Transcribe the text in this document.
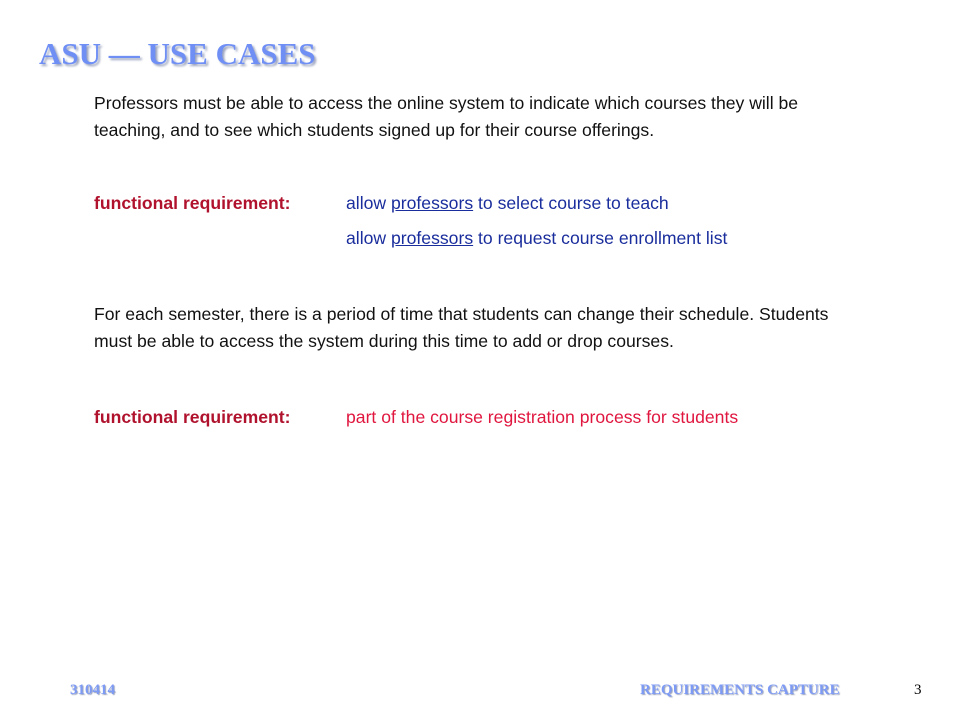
ASU — USE CASES

Professors must be able to access the online system to indicate which courses they will be teaching, and to see which students signed up for their course offerings.

functional requirement:	allow professors to select course to teach

allow professors to request course enrollment list

For each semester, there is a period of time that students can change their schedule. Students must be able to access the system during this time to add or drop courses.

functional requirement:	part of the course registration process for students

310414	REQUIREMENTS CAPTURE	3
